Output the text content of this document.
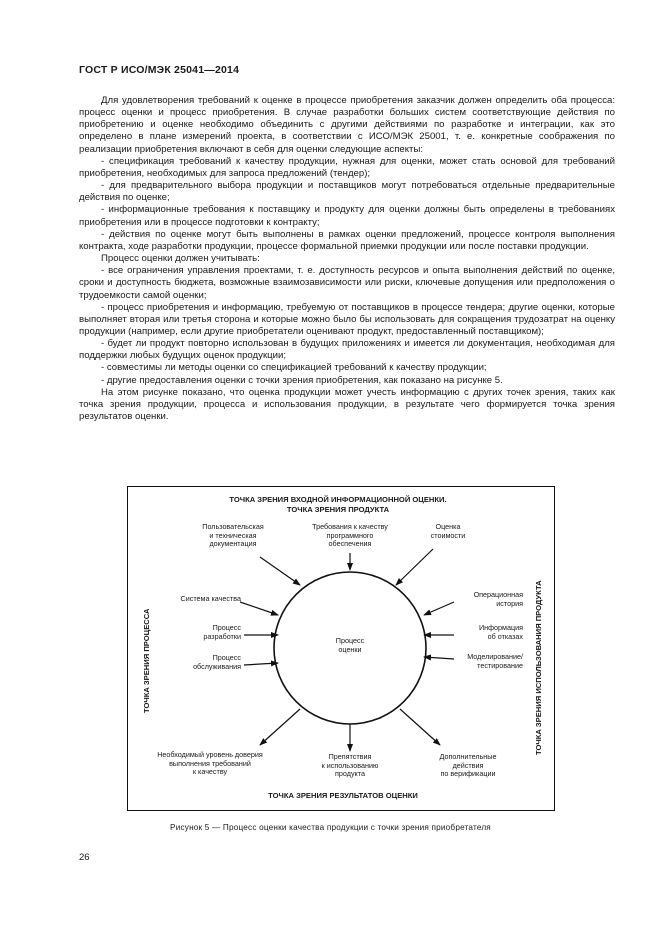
ГОСТ Р ИСО/МЭК 25041—2014

Для удовлетворения требований к оценке в процессе приобретения заказчик должен определить оба процесса: процесс оценки и процесс приобретения. В случае разработки больших систем соответствующие действия по приобретению и оценке необходимо объединить с другими действиями по разработке и интеграции, как это определено в плане измерений проекта, в соответствии с ИСО/МЭК 25001, т. е. конкретные соображения по реализации приобретения включают в себя для оценки следующие аспекты:

- спецификация требований к качеству продукции, нужная для оценки, может стать основой для требований приобретения, необходимых для запроса предложений (тендер);

- для предварительного выбора продукции и поставщиков могут потребоваться отдельные предварительные действия по оценке;

- информационные требования к поставщику и продукту для оценки должны быть определены в требованиях приобретения или в процессе подготовки к контракту;

- действия по оценке могут быть выполнены в рамках оценки предложений, процессе контроля выполнения контракта, ходе разработки продукции, процессе формальной приемки продукции или после поставки продукции.

Процесс оценки должен учитывать:

- все ограничения управления проектами, т. е. доступность ресурсов и опыта выполнения действий по оценке, сроки и доступность бюджета, возможные взаимозависимости или риски, ключевые допущения или предположения о трудоемкости самой оценки;

- процесс приобретения и информацию, требуемую от поставщиков в процессе тендера; другие оценки, которые выполняет вторая или третья сторона и которые можно было бы использовать для сокращения трудозатрат на оценку продукции (например, если другие приобретатели оценивают продукт, предоставленный поставщиком);

- будет ли продукт повторно использован в будущих приложениях и имеется ли документация, необходимая для поддержки любых будущих оценок продукции;

- совместимы ли методы оценки со спецификацией требований к качеству продукции;

- другие предоставления оценки с точки зрения приобретения, как показано на рисунке 5.

На этом рисунке показано, что оценка продукции может учесть информацию с других точек зрения, таких как точка зрения продукции, процесса и использования продукции, в результате чего формируется точка зрения результатов оценки.

ТОЧКА ЗРЕНИЯ ВХОДНОЙ ИНФОРМАЦИОННОЙ ОЦЕНКИ.
ТОЧКА ЗРЕНИЯ ПРОДУКТА
Пользовательская
и техническая
документация
Требования к качеству
программного
обеспечения
Оценка
стоимости
Процесс
оценки
Система качества
Процесс
разработки
Процесс
обслуживания
Операционная
история
Информация
об отказах
Моделирование/
тестирование
Необходимый уровень доверия
выполнения требований
к качеству
Препятствия
к использованию
продукта
Дополнительные
действия
по верификации
ТОЧКА ЗРЕНИЯ РЕЗУЛЬТАТОВ ОЦЕНКИ
ТОЧКА ЗРЕНИЯ ПРОЦЕССА	ТОЧКА ЗРЕНИЯ ИСПОЛЬЗОВАНИЯ ПРОДУКТА
Рисунок 5 — Процесс оценки качества продукции с точки зрения приобретателя
26
